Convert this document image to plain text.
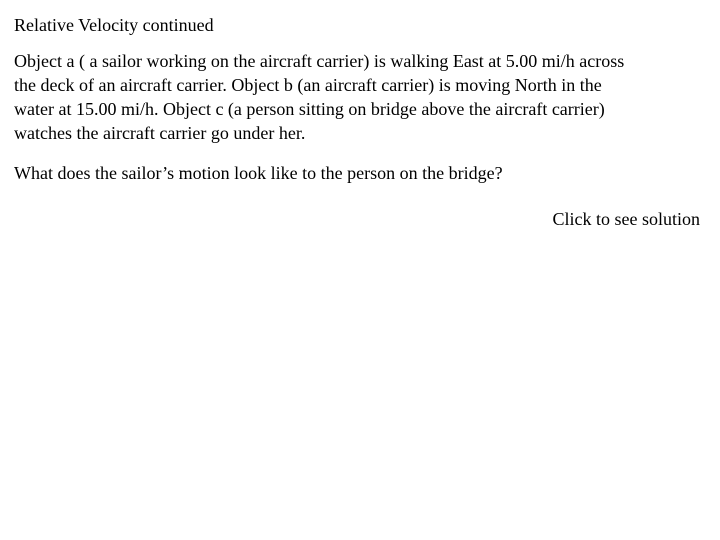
Relative Velocity continued

Object a ( a sailor working on the aircraft carrier) is walking East at 5.00 mi/h across
the deck of an aircraft carrier. Object b (an aircraft carrier) is moving North in the
water at 15.00 mi/h. Object c (a person sitting on bridge above the aircraft carrier)
watches the aircraft carrier go under her.

What does the sailor’s motion look like to the person on the bridge?

Click to see solution
